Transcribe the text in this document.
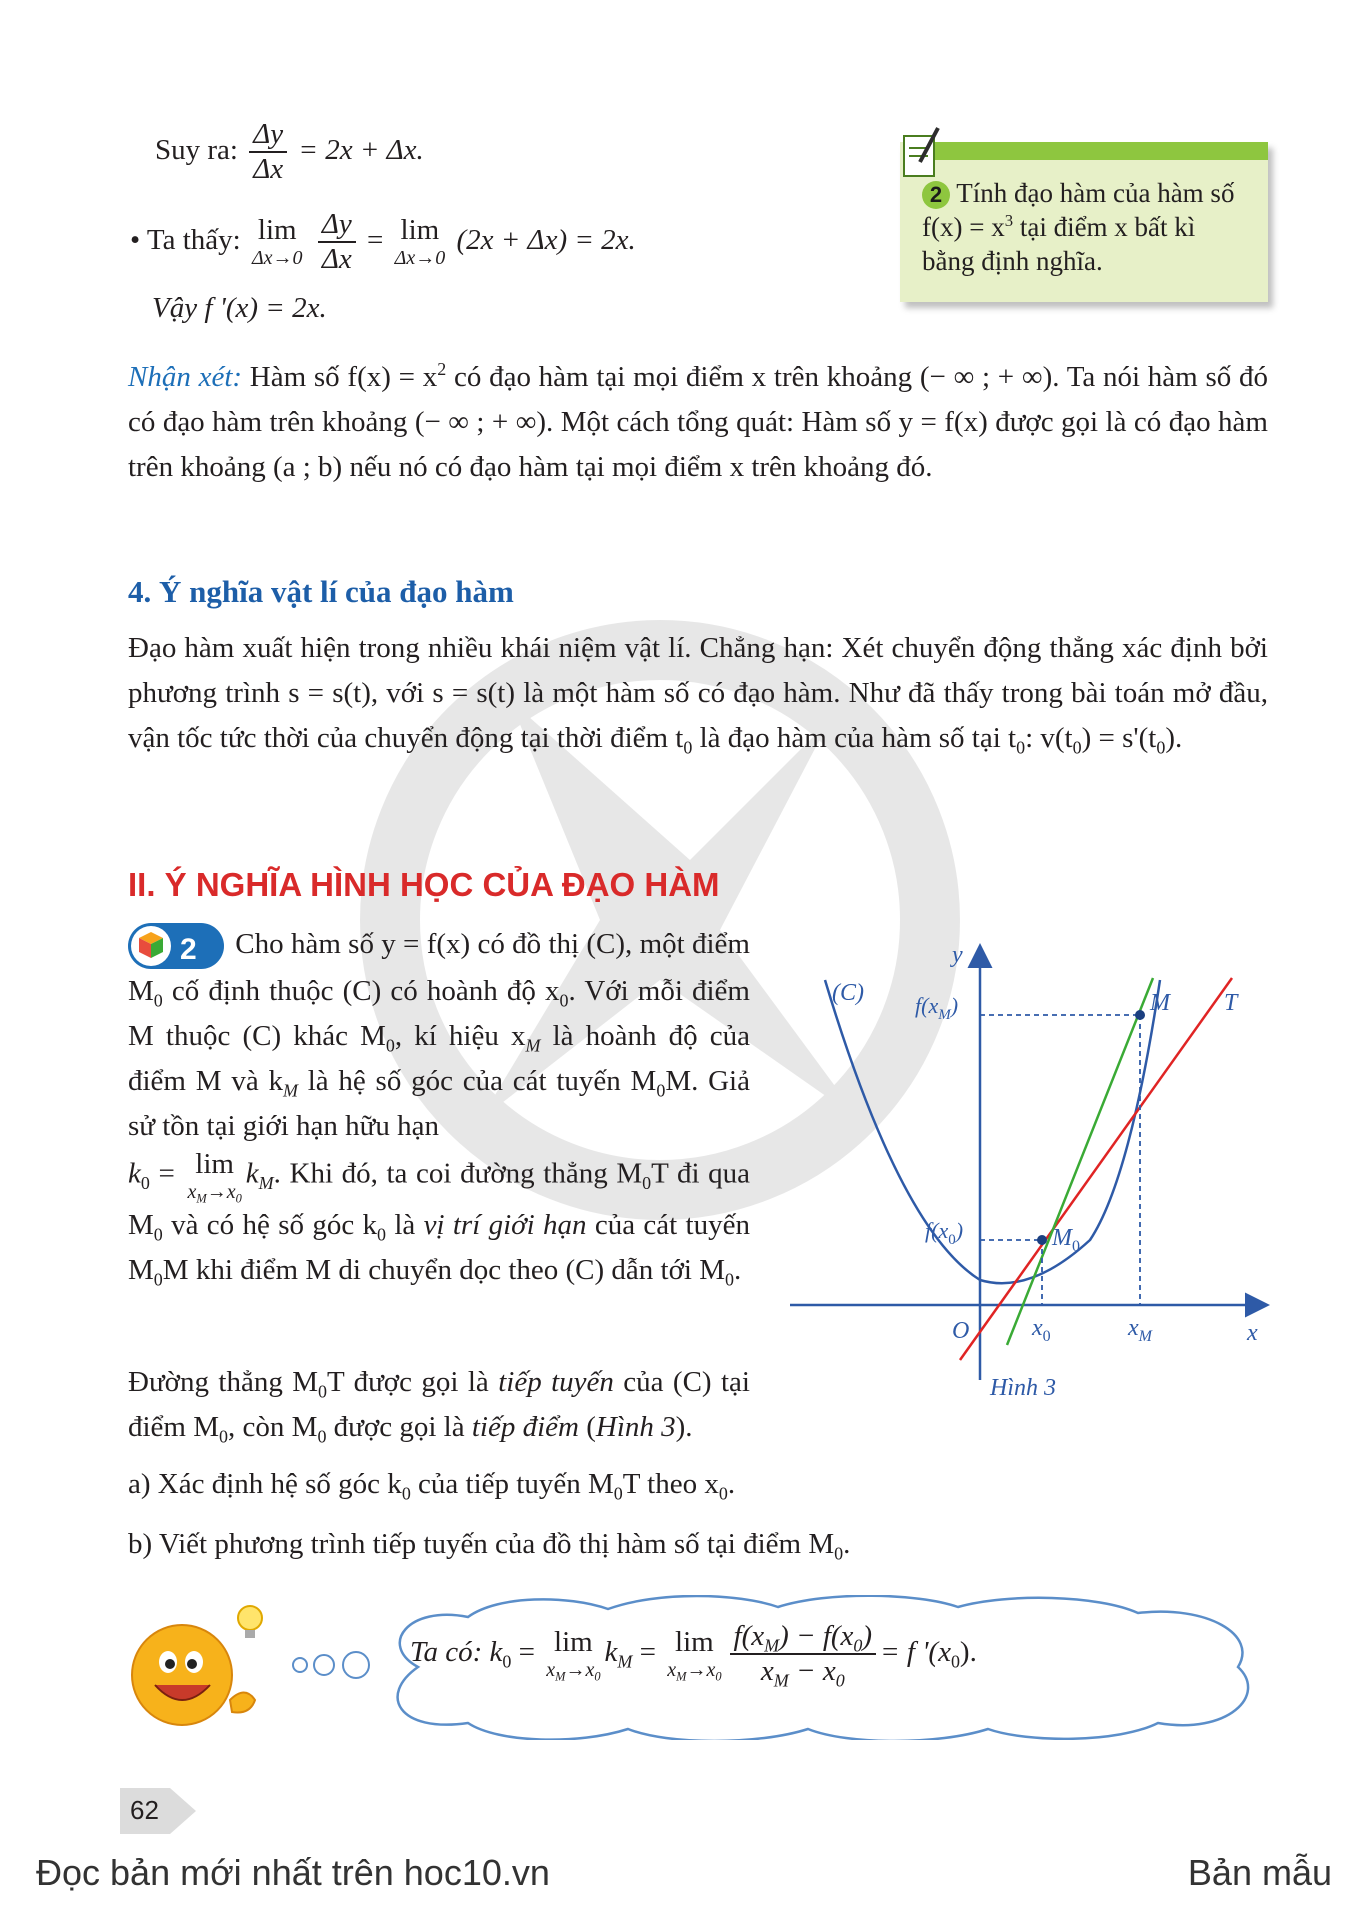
Suy ra: $\frac{\Delta y}{\Delta x} = 2x + \Delta x$.
• Ta thấy: lim
Δx→0
$\frac{\Delta y}{\Delta x} = \lim$
Δx→0
(2x + Δx) = 2x.
Vậy f '(x) = 2x.
2 Tính đạo hàm của hàm số $f(x) = x^3$ tại điểm x bất kì bằng định nghĩa.
Nhận xét: Hàm số $f(x) = x^2$ có đạo hàm tại mọi điểm x trên khoảng (− ∞ ; + ∞). Ta nói hàm số đó có đạo hàm trên khoảng (− ∞ ; + ∞). Một cách tổng quát: Hàm số y = f(x) được gọi là có đạo hàm trên khoảng (a ; b) nếu nó có đạo hàm tại mọi điểm x trên khoảng đó.
4. Ý nghĩa vật lí của đạo hàm
Đạo hàm xuất hiện trong nhiều khái niệm vật lí. Chẳng hạn: Xét chuyển động thẳng xác định bởi phương trình s = s(t), với s = s(t) là một hàm số có đạo hàm. Như đã thấy trong bài toán mở đầu, vận tốc tức thời của chuyển động tại thời điểm $t_0$ là đạo hàm của hàm số tại $t_0$: $v(t_0) = s'(t_0)$.
II. Ý NGHĨA HÌNH HỌC CỦA ĐẠO HÀM
2 Cho hàm số y = f(x) có đồ thị (C), một điểm $M_0$ cố định thuộc (C) có hoành độ $x_0$. Với mỗi điểm M thuộc (C) khác $M_0$, kí hiệu $x_M$ là hoành độ của điểm M và $k_M$ là hệ số góc của cát tuyến $M_0M$. Giả sử tồn tại giới hạn hữu hạn
$k_0 = \lim$
$x_M\to x_0$
$k_M$. Khi đó, ta coi đường thẳng $M_0T$ đi qua $M_0$ và có hệ số góc $k_0$ là vị trí giới hạn của cát tuyến $M_0M$ khi điểm M di chuyển dọc theo (C) dẫn tới $M_0$.
Đường thẳng $M_0T$ được gọi là tiếp tuyến của (C) tại điểm $M_0$, còn $M_0$ được gọi là tiếp điểm (Hình 3).
a) Xác định hệ số góc $k_0$ của tiếp tuyến $M_0T$ theo $x_0$.
b) Viết phương trình tiếp tuyến của đồ thị hàm số tại điểm $M_0$.
y
x
O
(C)	T
M
$M_0$
$f(x_M)$
$f(x_0)$
$x_0$	$x_M$
Hình 3
Ta có: $k_0 = \lim$
$x_M\to x_0$
$k_M = \lim$
$x_M\to x_0 \frac{f(x_M) - f(x_0)}{x_M - x_0} = f$ '$(x_0)$.
62
Đọc bản mới nhất trên hoc10.vn	Bản mẫu
